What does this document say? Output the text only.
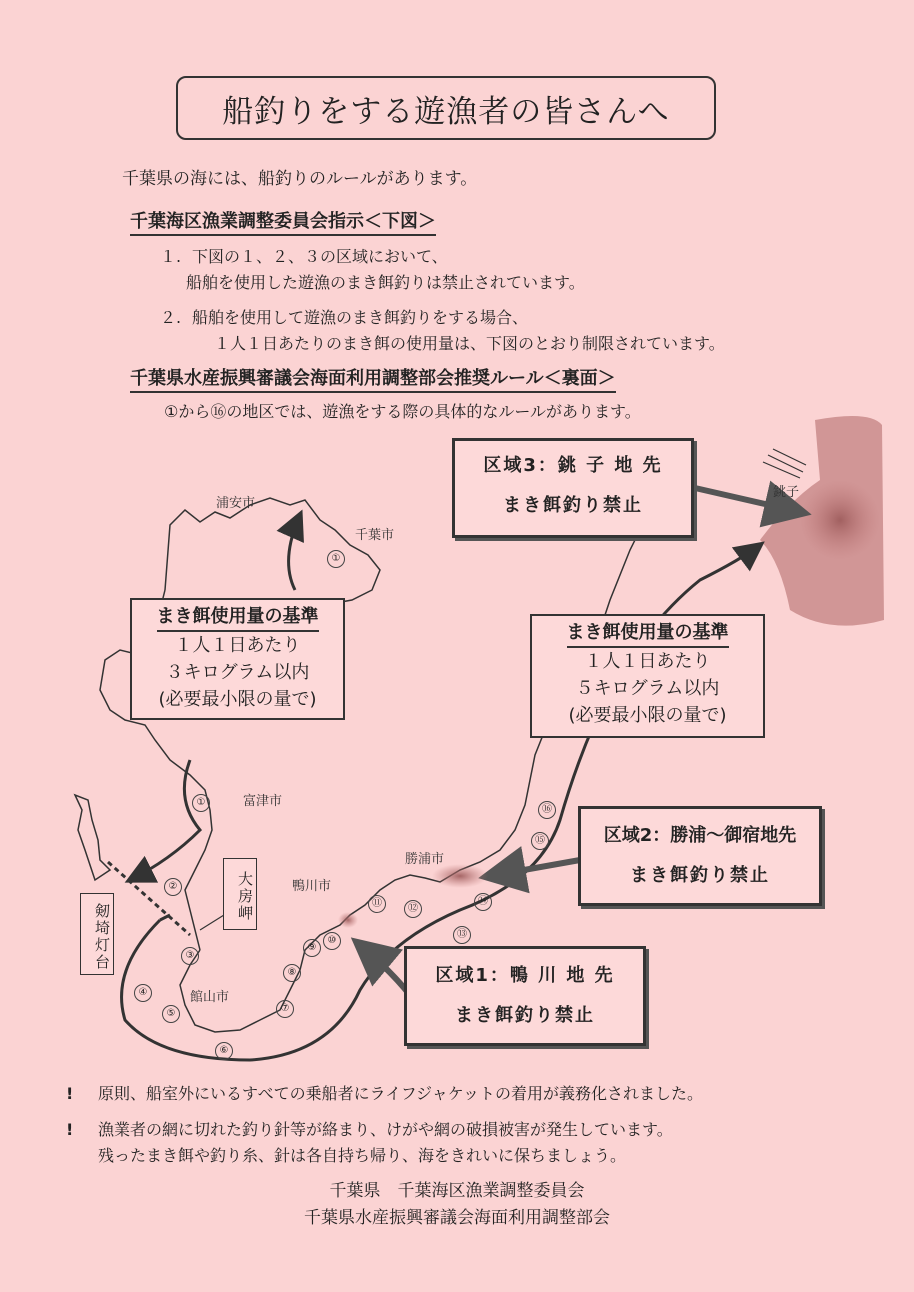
船釣りをする遊漁者の皆さんへ
千葉県の海には、船釣りのルールがあります。
千葉海区漁業調整委員会指示＜下図＞
１. 下図の１、２、３の区域において、
船舶を使用した遊漁のまき餌釣りは禁止されています。
２. 船舶を使用して遊漁のまき餌釣りをする場合、
１人１日あたりのまき餌の使用量は、下図のとおり制限されています。
千葉県水産振興審議会海面利用調整部会推奨ルール＜裏面＞
①から⑯の地区では、遊漁をする際の具体的なルールがあります。
浦安市
千葉市
富津市
鴨川市
勝浦市
館山市
銚子
剱埼灯台
大房岬
①
①
②
③
④
⑤
⑥
⑦
⑧
⑨
⑩
⑪	⑫
⑬
⑭
⑮
⑯
まき餌使用量の基準
１人１日あたり
３キログラム以内
(必要最小限の量で)
まき餌使用量の基準
１人１日あたり
５キログラム以内
(必要最小限の量で)
区域3：銚 子 地 先
まき餌釣り禁止
区域2：勝浦〜御宿地先
まき餌釣り禁止
区域1：鴨 川 地 先
まき餌釣り禁止
! 原則、船室外にいるすべての乗船者にライフジャケットの着用が義務化されました。
! 漁業者の網に切れた釣り針等が絡まり、けがや網の破損被害が発生しています。
残ったまき餌や釣り糸、針は各自持ち帰り、海をきれいに保ちましょう。
千葉県　千葉海区漁業調整委員会
千葉県水産振興審議会海面利用調整部会
